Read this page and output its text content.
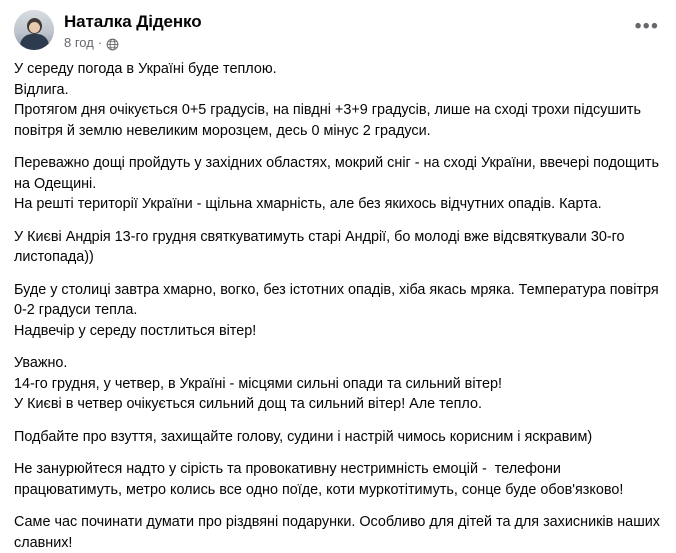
Наталка Діденко
8 год ·
•••

У середу погода в Україні буде теплою.

Відлига.

Протягом дня очікується 0+5 градусів, на півдні +3+9 градусів, лише на сході трохи підсушить повітря й землю невеликим морозцем, десь 0 мінус 2 градуси.

Переважно дощі пройдуть у західних областях, мокрий сніг - на сході України, ввечері подощить на Одещині.

На решті території України - щільна хмарність, але без якихось відчутних опадів. Карта.

У Києві Андрія 13-го грудня святкуватимуть старі Андрії, бо молоді вже відсвяткували 30-го листопада))

Буде у столиці завтра хмарно, вогко, без істотних опадів, хіба якась мряка. Температура повітря 0-2 градуси тепла.

Надвечір у середу постлиться вітер!

Уважно.

14-го грудня, у четвер, в Україні - місцями сильні опади та сильний вітер!

У Києві в четвер очікується сильний дощ та сильний вітер! Але тепло.

Подбайте про взуття, захищайте голову, судини і настрій чимось корисним і яскравим)

Не занурюйтеся надто у сірість та провокативну нестримність емоцій -  телефони працюватимуть, метро колись все одно поїде, коти муркотітимуть, сонце буде обов'язково!

Саме час починати думати про різдвяні подарунки. Особливо для дітей та для захисників наших славних!
